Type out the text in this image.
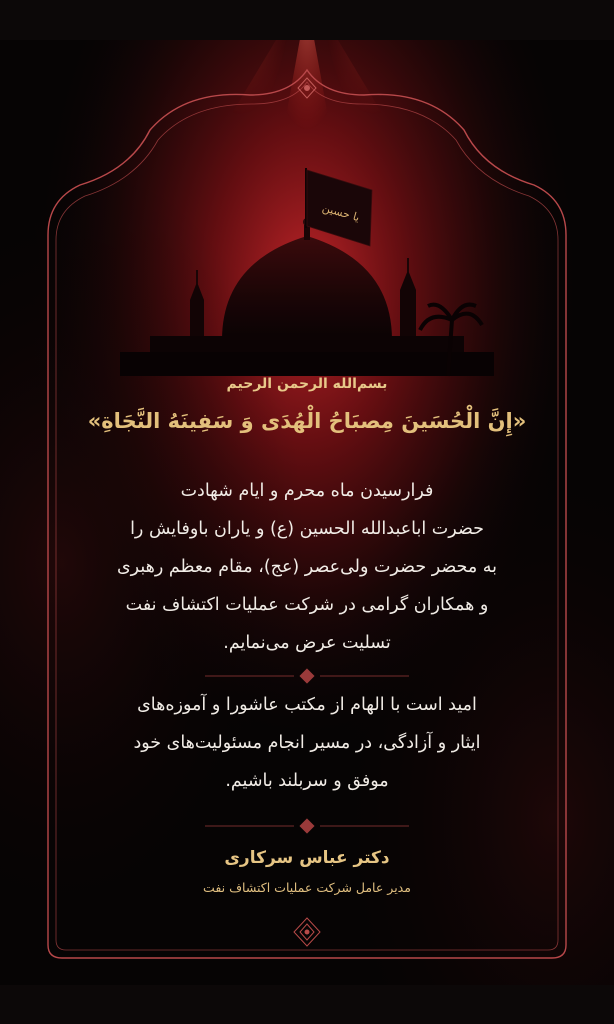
یا حسین
بسم‌الله الرحمن الرحیم
«إِنَّ الْحُسَینَ مِصبَاحُ الْهُدَی وَ سَفِینَهُ النَّجَاةِ»
فرارسیدن ماه محرم و ایام شهادت
حضرت اباعبدالله الحسین (ع) و یاران باوفایش را
به محضر حضرت ولی‌عصر (عج)، مقام معظم رهبری
و همکاران گرامی در شرکت عملیات اکتشاف نفت
تسلیت عرض می‌نمایم.
امید است با الهام از مکتب عاشورا و آموزه‌های
ایثار و آزادگی، در مسیر انجام مسئولیت‌های خود
موفق و سربلند باشیم.
دکتر عباس سرکاری
مدیر عامل شرکت عملیات اکتشاف نفت
